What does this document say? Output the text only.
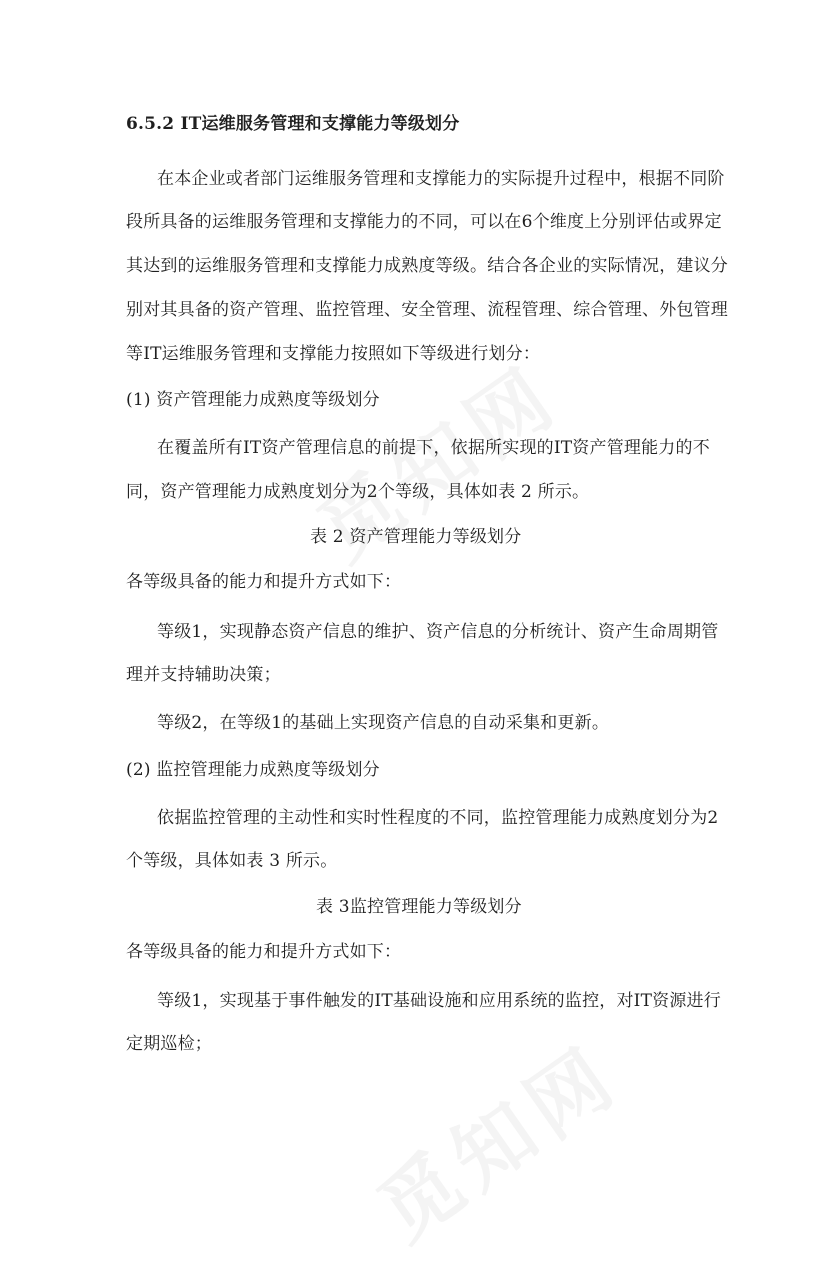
6.5.2 IT运维服务管理和支撑能力等级划分
在本企业或者部门运维服务管理和支撑能力的实际提升过程中，根据不同阶
段所具备的运维服务管理和支撑能力的不同，可以在6个维度上分别评估或界定
其达到的运维服务管理和支撑能力成熟度等级。结合各企业的实际情况，建议分
别对其具备的资产管理、监控管理、安全管理、流程管理、综合管理、外包管理
等IT运维服务管理和支撑能力按照如下等级进行划分：
(1) 资产管理能力成熟度等级划分
在覆盖所有IT资产管理信息的前提下，依据所实现的IT资产管理能力的不
同，资产管理能力成熟度划分为2个等级，具体如表 2 所示。
表 2 资产管理能力等级划分
各等级具备的能力和提升方式如下：
等级1，实现静态资产信息的维护、资产信息的分析统计、资产生命周期管
理并支持辅助决策；
等级2，在等级1的基础上实现资产信息的自动采集和更新。
(2) 监控管理能力成熟度等级划分
依据监控管理的主动性和实时性程度的不同，监控管理能力成熟度划分为2
个等级，具体如表 3 所示。
表 3监控管理能力等级划分
各等级具备的能力和提升方式如下：
等级1，实现基于事件触发的IT基础设施和应用系统的监控，对IT资源进行
定期巡检；
